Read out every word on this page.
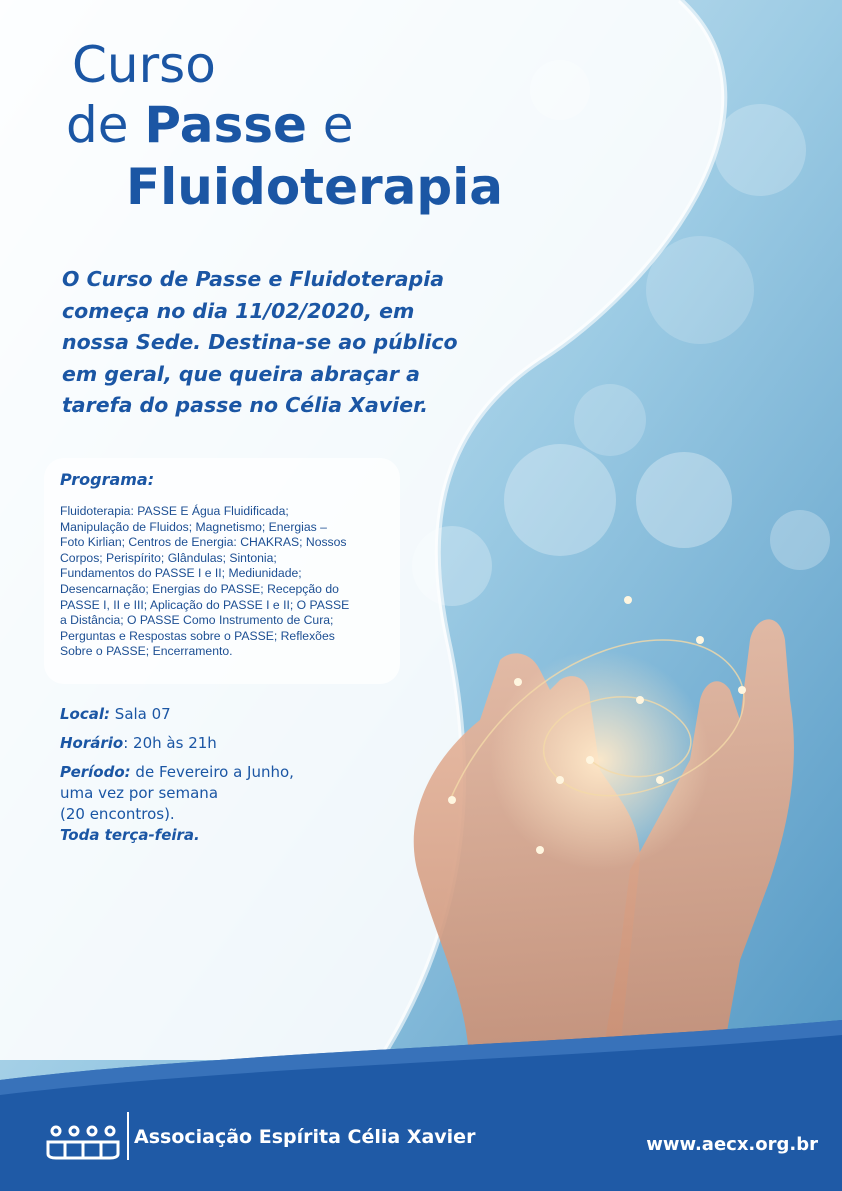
Curso
de Passe e
Fluidoterapia
O Curso de Passe e Fluidoterapia
começa no dia 11/02/2020, em
nossa Sede. Destina-se ao público
em geral, que queira abraçar a
tarefa do passe no Célia Xavier.
Programa:
Fluidoterapia: PASSE E Água Fluidificada;
Manipulação de Fluidos; Magnetismo; Energias –
Foto Kirlian; Centros de Energia: CHAKRAS; Nossos
Corpos; Perispírito; Glândulas; Sintonia;
Fundamentos do PASSE I e II; Mediunidade;
Desencarnação; Energias do PASSE; Recepção do
PASSE I, II e III; Aplicação do PASSE I e II; O PASSE
a Distância; O PASSE Como Instrumento de Cura;
Perguntas e Respostas sobre o PASSE; Reflexões
Sobre o PASSE; Encerramento.
Local: Sala 07
Horário: 20h às 21h
Período: de Fevereiro a Junho,
uma vez por semana
(20 encontros).
Toda terça-feira.
Associação Espírita Célia Xavier	www.aecx.org.br
